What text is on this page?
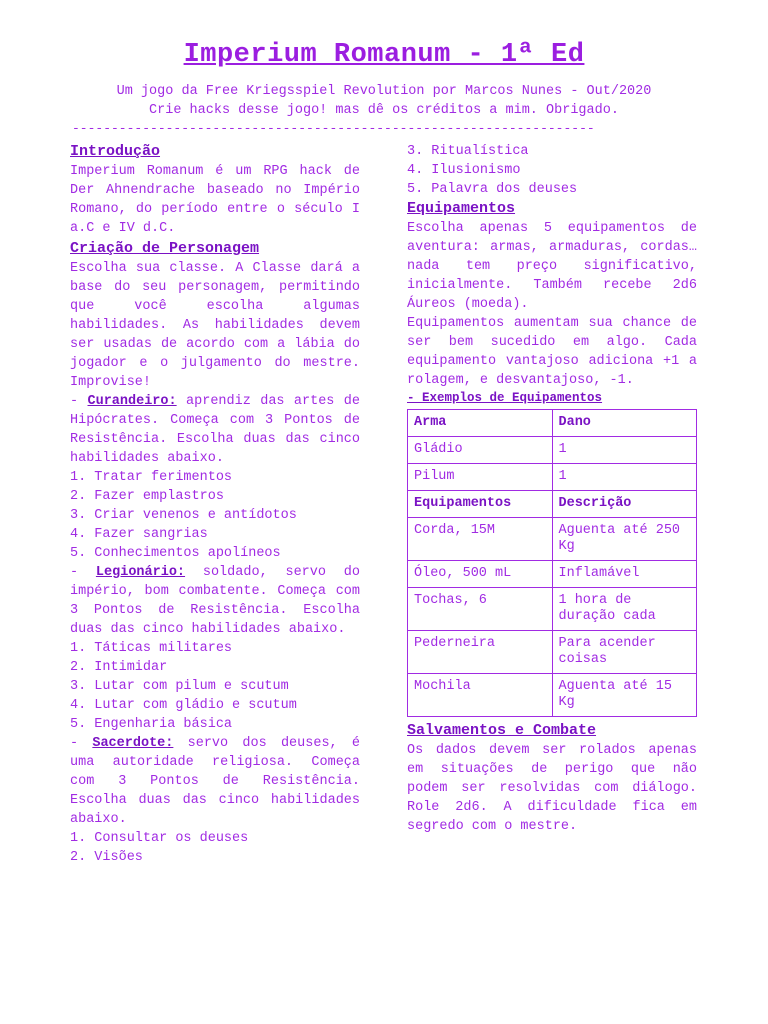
Imperium Romanum - 1ª Ed
Um jogo da Free Kriegsspiel Revolution por Marcos Nunes - Out/2020
Crie hacks desse jogo! mas dê os créditos a mim. Obrigado.
-------------------------------------------------------------------
Introdução

Imperium Romanum é um RPG hack de Der Ahnendrache baseado no Império Romano, do período entre o século I a.C e IV d.C.

Criação de Personagem

Escolha sua classe. A Classe dará a base do seu personagem, permitindo que você escolha algumas habilidades. As habilidades devem ser usadas de acordo com a lábia do jogador e o julgamento do mestre. Improvise!

- Curandeiro: aprendiz das artes de Hipócrates. Começa com 3 Pontos de Resistência. Escolha duas das cinco habilidades abaixo.

1. Tratar ferimentos
2. Fazer emplastros
3. Criar venenos e antídotos
4. Fazer sangrias
5. Conhecimentos apolíneos

- Legionário: soldado, servo do império, bom combatente. Começa com 3 Pontos de Resistência. Escolha duas das cinco habilidades abaixo.

1. Táticas militares
2. Intimidar
3. Lutar com pilum e scutum
4. Lutar com gládio e scutum
5. Engenharia básica

- Sacerdote: servo dos deuses, é uma autoridade religiosa. Começa com 3 Pontos de Resistência. Escolha duas das cinco habilidades abaixo.

1. Consultar os deuses
2. Visões
3. Ritualística
4. Ilusionismo
5. Palavra dos deuses
Equipamentos

Escolha apenas 5 equipamentos de aventura: armas, armaduras, cordas… nada tem preço significativo, inicialmente. Também recebe 2d6 Áureos (moeda).

Equipamentos aumentam sua chance de ser bem sucedido em algo. Cada equipamento vantajoso adiciona +1 a rolagem, e desvantajoso, -1.

- Exemplos de Equipamentos
Arma	Dano
Gládio	1
Pilum	1
Equipamentos	Descrição
Corda, 15M	Aguenta até 250 Kg
Óleo, 500 mL	Inflamável
Tochas, 6	1 hora de duração cada
Pederneira	Para acender coisas
Mochila	Aguenta até 15 Kg
Salvamentos e Combate

Os dados devem ser rolados apenas em situações de perigo que não podem ser resolvidas com diálogo. Role 2d6. A dificuldade fica em segredo com o mestre.
